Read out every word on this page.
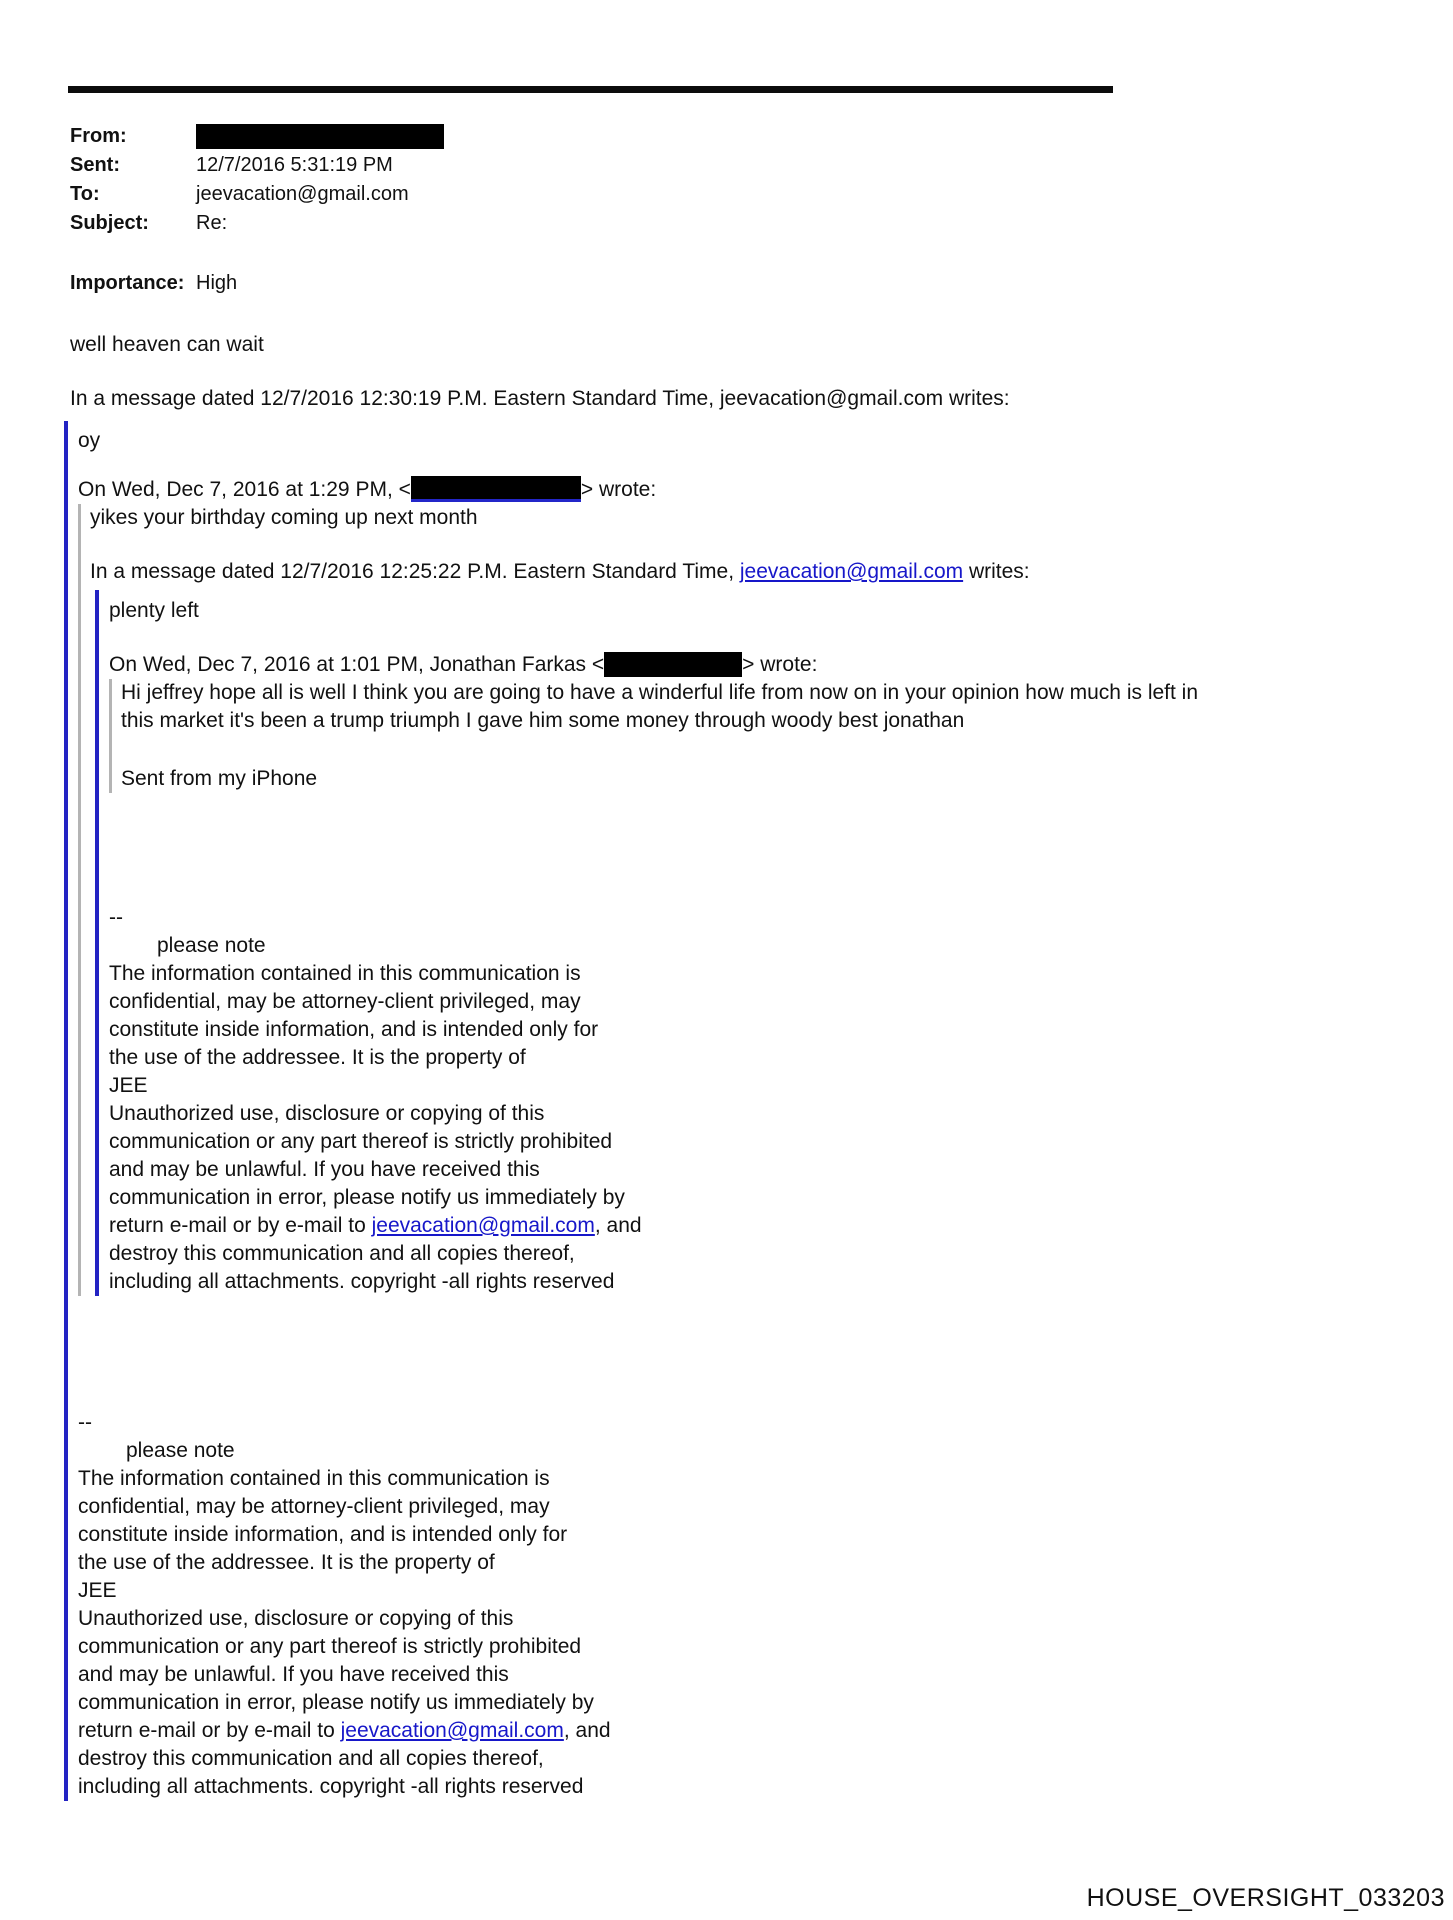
From:
Sent:	12/7/2016 5:31:19 PM
To:	jeevacation@gmail.com
Subject:	Re:
Importance: High
well heaven can wait
In a message dated 12/7/2016 12:30:19 P.M. Eastern Standard Time, jeevacation@gmail.com writes:
oy
On Wed, Dec 7, 2016 at 1:29 PM, <	> wrote:
yikes your birthday coming up next month
In a message dated 12/7/2016 12:25:22 P.M. Eastern Standard Time, jeevacation@gmail.com writes:
plenty left
On Wed, Dec 7, 2016 at 1:01 PM, Jonathan Farkas <	> wrote:
Hi jeffrey hope all is well I think you are going to have a winderful life from now on in your opinion how much is left in
this market it's been a trump triumph I gave him some money through woody best jonathan
Sent from my iPhone
--
please note
The information contained in this communication is
confidential, may be attorney-client privileged, may
constitute inside information, and is intended only for
the use of the addressee. It is the property of
JEE
Unauthorized use, disclosure or copying of this
communication or any part thereof is strictly prohibited
and may be unlawful. If you have received this
communication in error, please notify us immediately by
return e-mail or by e-mail to jeevacation@gmail.com, and
destroy this communication and all copies thereof,
including all attachments. copyright -all rights reserved
--
please note
The information contained in this communication is
confidential, may be attorney-client privileged, may
constitute inside information, and is intended only for
the use of the addressee. It is the property of
JEE
Unauthorized use, disclosure or copying of this
communication or any part thereof is strictly prohibited
and may be unlawful. If you have received this
communication in error, please notify us immediately by
return e-mail or by e-mail to jeevacation@gmail.com, and
destroy this communication and all copies thereof,
including all attachments. copyright -all rights reserved
HOUSE_OVERSIGHT_033203
